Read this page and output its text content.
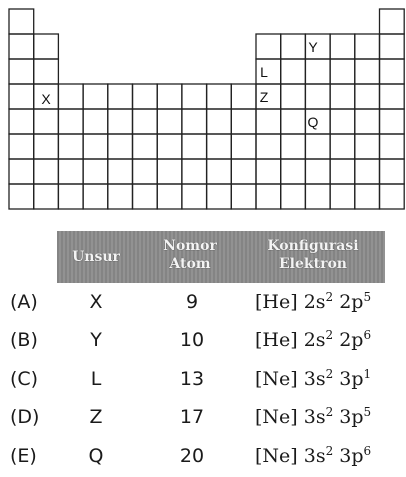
X
Y
L
Z
Q
Unsur
Nomor
Atom
Konfigurasi
Elektron
(A)	X	9	[He] $2s^2$ $2p^5$
(B)	Y	10	[He] $2s^2$ $2p^6$
(C)	L	13	[Ne] $3s^2$ $3p^1$
(D)	Z	17	[Ne] $3s^2$ $3p^5$
(E)	Q	20	[Ne] $3s^2$ $3p^6$
